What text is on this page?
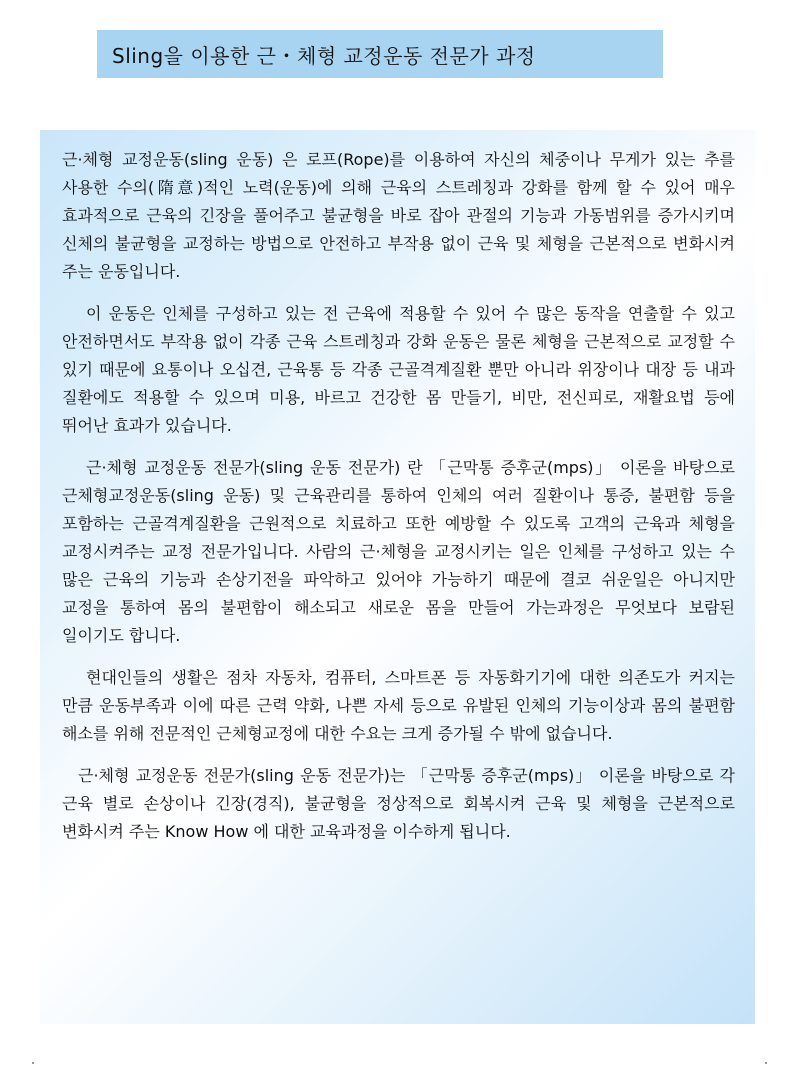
Sling을 이용한 근・체형 교정운동 전문가 과정

근·체형 교정운동(sling 운동) 은 로프(Rope)를 이용하여 자신의 체중이나 무게가 있는 추를 사용한 수의(隋意)적인 노력(운동)에 의해 근육의 스트레칭과 강화를 함께 할 수 있어 매우 효과적으로 근육의 긴장을 풀어주고 불균형을 바로 잡아 관절의 기능과 가동범위를 증가시키며 신체의 불균형을 교정하는 방법으로 안전하고 부작용 없이 근육 및 체형을 근본적으로 변화시켜 주는 운동입니다.

이 운동은 인체를 구성하고 있는 전 근육에 적용할 수 있어 수 많은 동작을 연출할 수 있고 안전하면서도 부작용 없이 각종 근육 스트레칭과 강화 운동은 물론 체형을 근본적으로 교정할 수 있기 때문에 요통이나 오십견, 근육통 등 각종 근골격계질환 뿐만 아니라 위장이나 대장 등 내과 질환에도 적용할 수 있으며 미용, 바르고 건강한 몸 만들기, 비만, 전신피로, 재활요법 등에 뛰어난 효과가 있습니다.

근·체형 교정운동 전문가(sling 운동 전문가) 란 「근막통 증후군(mps)」 이론을 바탕으로 근체형교정운동(sling 운동) 및 근육관리를 통하여 인체의 여러 질환이나 통증, 불편함 등을 포함하는 근골격계질환을 근원적으로 치료하고 또한 예방할 수 있도록 고객의 근육과 체형을 교정시켜주는 교정 전문가입니다. 사람의 근·체형을 교정시키는 일은 인체를 구성하고 있는 수 많은 근육의 기능과 손상기전을 파악하고 있어야 가능하기 때문에 결코 쉬운일은 아니지만 교정을 통하여 몸의 불편함이 해소되고 새로운 몸을 만들어 가는과정은 무엇보다 보람된 일이기도 합니다.

현대인들의 생활은 점차 자동차, 컴퓨터, 스마트폰 등 자동화기기에 대한 의존도가 커지는 만큼 운동부족과 이에 따른 근력 약화, 나쁜 자세 등으로 유발된 인체의 기능이상과 몸의 불편함 해소를 위해 전문적인 근체형교정에 대한 수요는 크게 증가될 수 밖에 없습니다.

근·체형 교정운동 전문가(sling 운동 전문가)는 「근막통 증후군(mps)」 이론을 바탕으로 각 근육 별로 손상이나 긴장(경직), 불균형을 정상적으로 회복시켜 근육 및 체형을 근본적으로 변화시켜 주는 Know How 에 대한 교육과정을 이수하게 됩니다.
